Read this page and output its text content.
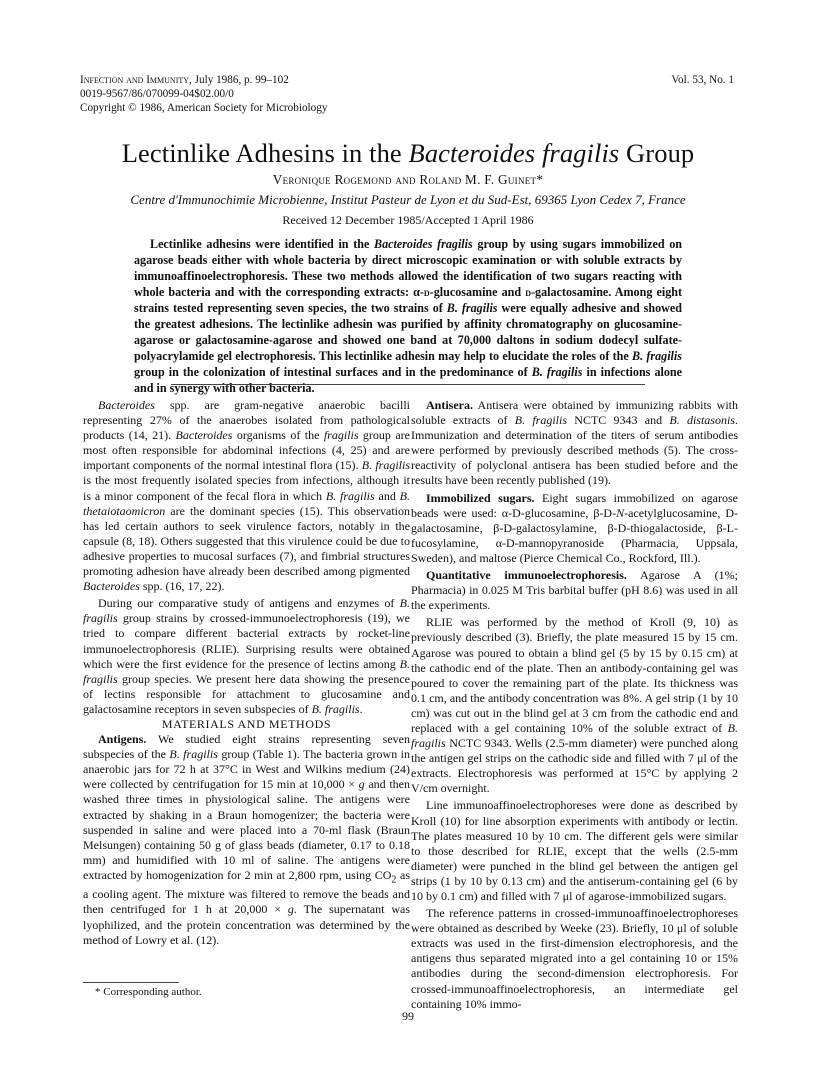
Infection and Immunity, July 1986, p. 99–102
0019-9567/86/070099-04$02.00/0
Copyright © 1986, American Society for Microbiology
Vol. 53, No. 1
Lectinlike Adhesins in the Bacteroides fragilis Group
Veronique Rogemond and Roland M. F. Guinet*
Centre d'Immunochimie Microbienne, Institut Pasteur de Lyon et du Sud-Est, 69365 Lyon Cedex 7, France
Received 12 December 1985/Accepted 1 April 1986
Lectinlike adhesins were identified in the Bacteroides fragilis group by using sugars immobilized on agarose beads either with whole bacteria by direct microscopic examination or with soluble extracts by immunoaffinoelectrophoresis. These two methods allowed the identification of two sugars reacting with whole bacteria and with the corresponding extracts: α-d-glucosamine and d-galactosamine. Among eight strains tested representing seven species, the two strains of B. fragilis were equally adhesive and showed the greatest adhesions. The lectinlike adhesin was purified by affinity chromatography on glucosamine-agarose or galactosamine-agarose and showed one band at 70,000 daltons in sodium dodecyl sulfate-polyacrylamide gel electrophoresis. This lectinlike adhesin may help to elucidate the roles of the B. fragilis group in the colonization of intestinal surfaces and in the predominance of B. fragilis in infections alone and in synergy with other bacteria.

Bacteroides spp. are gram-negative anaerobic bacilli representing 27% of the anaerobes isolated from pathological products (14, 21). Bacteroides organisms of the fragilis group are most often responsible for abdominal infections (4, 25) and are important components of the normal intestinal flora (15). B. fragilis is the most frequently isolated species from infections, although it is a minor component of the fecal flora in which B. fragilis and B. thetaiotaomicron are the dominant species (15). This observation has led certain authors to seek virulence factors, notably in the capsule (8, 18). Others suggested that this virulence could be due to adhesive properties to mucosal surfaces (7), and fimbrial structures promoting adhesion have already been described among pigmented Bacteroides spp. (16, 17, 22).

During our comparative study of antigens and enzymes of B. fragilis group strains by crossed-immunoelectrophoresis (19), we tried to compare different bacterial extracts by rocket-line immunoelectrophoresis (RLIE). Surprising results were obtained which were the first evidence for the presence of lectins among B. fragilis group species. We present here data showing the presence of lectins responsible for attachment to glucosamine and galactosamine receptors in seven subspecies of B. fragilis.

MATERIALS AND METHODS

Antigens. We studied eight strains representing seven subspecies of the B. fragilis group (Table 1). The bacteria grown in anaerobic jars for 72 h at 37°C in West and Wilkins medium (24) were collected by centrifugation for 15 min at 10,000 × g and then washed three times in physiological saline. The antigens were extracted by shaking in a Braun homogenizer; the bacteria were suspended in saline and were placed into a 70-ml flask (Braun Melsungen) containing 50 g of glass beads (diameter, 0.17 to 0.18 mm) and humidified with 10 ml of saline. The antigens were extracted by homogenization for 2 min at 2,800 rpm, using $CO_2$ as a cooling agent. The mixture was filtered to remove the beads and then centrifuged for 1 h at 20,000 × g. The supernatant was lyophilized, and the protein concentration was determined by the method of Lowry et al. (12).

Antisera. Antisera were obtained by immunizing rabbits with soluble extracts of B. fragilis NCTC 9343 and B. distasonis. Immunization and determination of the titers of serum antibodies were performed by previously described methods (5). The cross-reactivity of polyclonal antisera has been studied before and the results have been recently published (19).

Immobilized sugars. Eight sugars immobilized on agarose beads were used: α-D-glucosamine, β-D-N-acetylglucosamine, D-galactosamine, β-D-galactosylamine, β-D-thiogalactoside, β-L-fucosylamine, α-D-mannopyranoside (Pharmacia, Uppsala, Sweden), and maltose (Pierce Chemical Co., Rockford, Ill.).

Quantitative immunoelectrophoresis. Agarose A (1%; Pharmacia) in 0.025 M Tris barbital buffer (pH 8.6) was used in all the experiments.

RLIE was performed by the method of Kroll (9, 10) as previously described (3). Briefly, the plate measured 15 by 15 cm. Agarose was poured to obtain a blind gel (5 by 15 by 0.15 cm) at the cathodic end of the plate. Then an antibody-containing gel was poured to cover the remaining part of the plate. Its thickness was 0.1 cm, and the antibody concentration was 8%. A gel strip (1 by 10 cm) was cut out in the blind gel at 3 cm from the cathodic end and replaced with a gel containing 10% of the soluble extract of B. fragilis NCTC 9343. Wells (2.5-mm diameter) were punched along the antigen gel strips on the cathodic side and filled with 7 μl of the extracts. Electrophoresis was performed at 15°C by applying 2 V/cm overnight.

Line immunoaffinoelectrophoreses were done as described by Kroll (10) for line absorption experiments with antibody or lectin. The plates measured 10 by 10 cm. The different gels were similar to those described for RLIE, except that the wells (2.5-mm diameter) were punched in the blind gel between the antigen gel strips (1 by 10 by 0.13 cm) and the antiserum-containing gel (6 by 10 by 0.1 cm) and filled with 7 μl of agarose-immobilized sugars.

The reference patterns in crossed-immunoaffinoelectrophoreses were obtained as described by Weeke (23). Briefly, 10 μl of soluble extracts was used in the first-dimension electrophoresis, and the antigens thus separated migrated into a gel containing 10 or 15% antibodies during the second-dimension electrophoresis. For crossed-immunoaffinoelectrophoresis, an intermediate gel containing 10% immo-

* Corresponding author.
99
